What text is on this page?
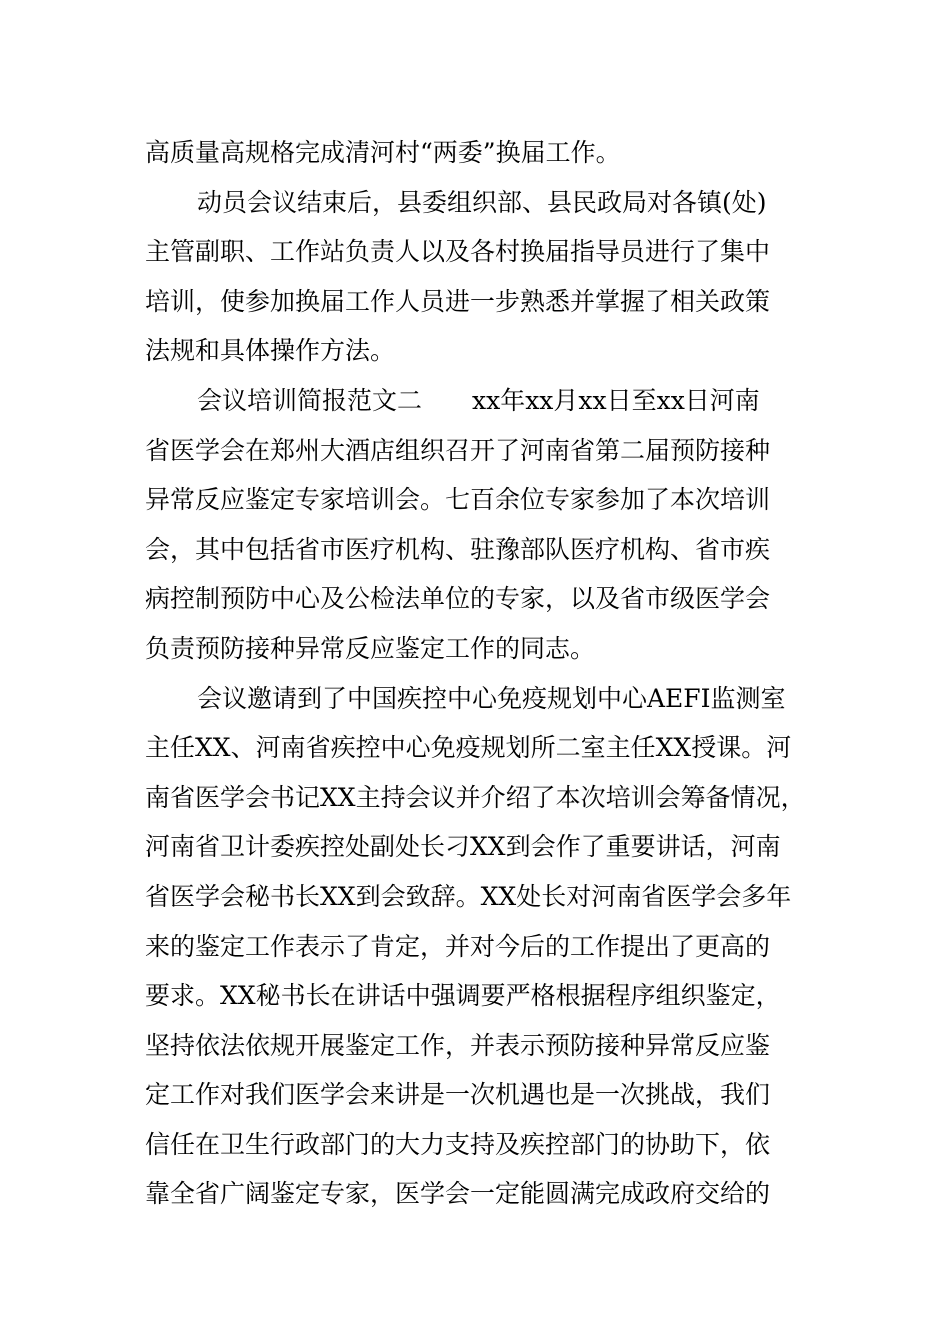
高质量高规格完成清河村“两委”换届工作。
动员会议结束后，县委组织部、县民政局对各镇(处)
主管副职、工作站负责人以及各村换届指导员进行了集中
培训，使参加换届工作人员进一步熟悉并掌握了相关政策
法规和具体操作方法。
会议培训简报范文二　　xx年xx月xx日至xx日河南
省医学会在郑州大酒店组织召开了河南省第二届预防接种
异常反应鉴定专家培训会。七百余位专家参加了本次培训
会，其中包括省市医疗机构、驻豫部队医疗机构、省市疾
病控制预防中心及公检法单位的专家，以及省市级医学会
负责预防接种异常反应鉴定工作的同志。
会议邀请到了中国疾控中心免疫规划中心AEFI监测室
主任XX、河南省疾控中心免疫规划所二室主任XX授课。河
南省医学会书记XX主持会议并介绍了本次培训会筹备情况，
河南省卫计委疾控处副处长刁XX到会作了重要讲话，河南
省医学会秘书长XX到会致辞。XX处长对河南省医学会多年
来的鉴定工作表示了肯定，并对今后的工作提出了更高的
要求。XX秘书长在讲话中强调要严格根据程序组织鉴定，
坚持依法依规开展鉴定工作，并表示预防接种异常反应鉴
定工作对我们医学会来讲是一次机遇也是一次挑战，我们
信任在卫生行政部门的大力支持及疾控部门的协助下，依
靠全省广阔鉴定专家，医学会一定能圆满完成政府交给的
